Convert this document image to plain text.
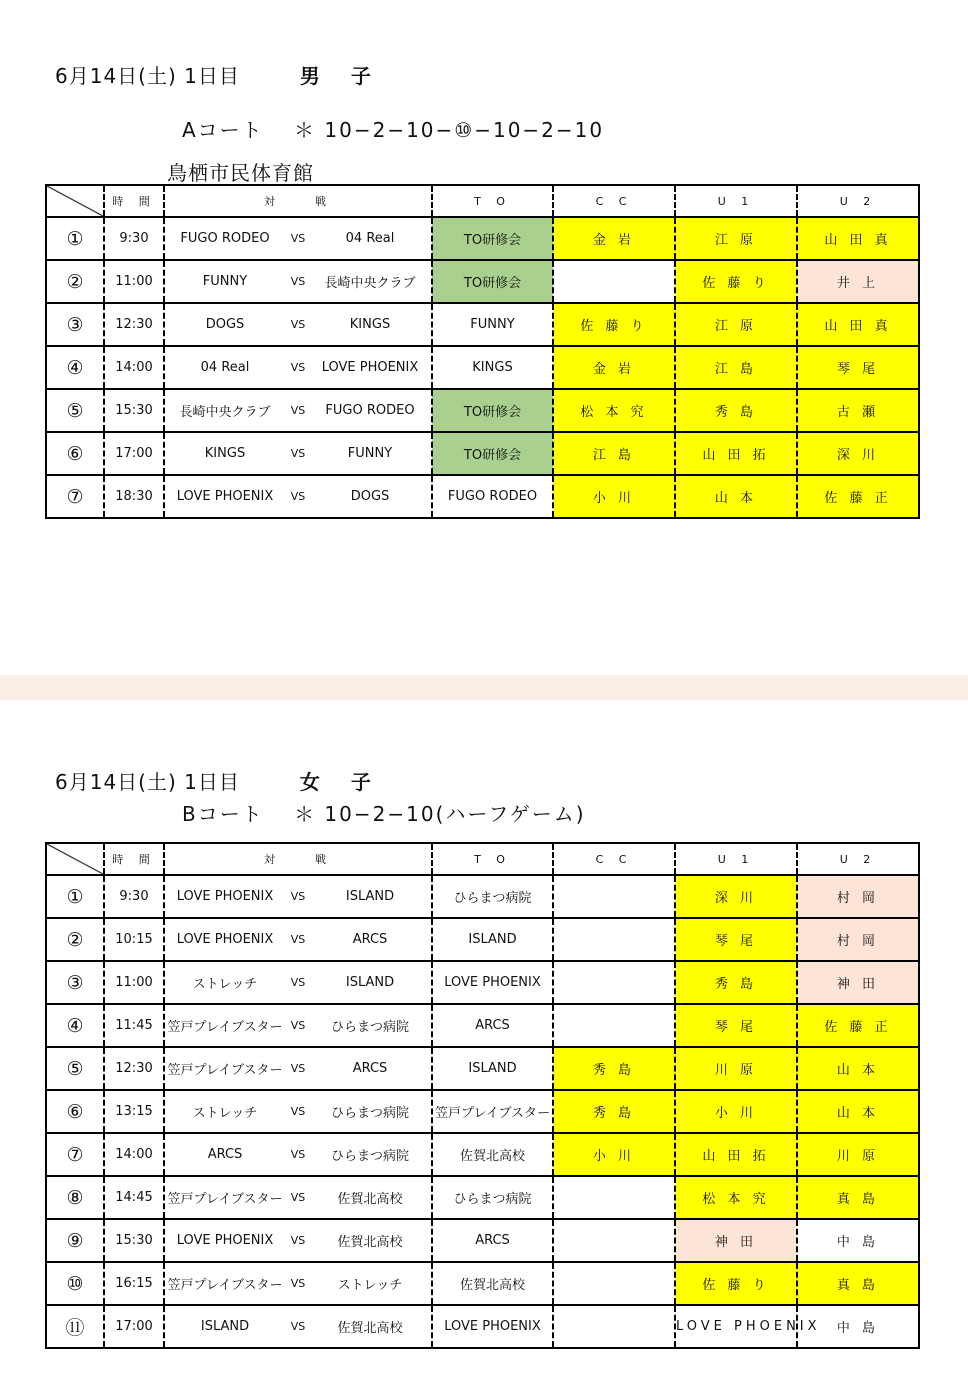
6月14日(土) 1日目	男 子
Aコート　 ＊ 10−2−10−⑩−10−2−10
鳥栖市民体育館
	時 間	対　　戦	T O	C C	U 1	U 2
①	9:30	FUGO RODEO VS 04 Real	TO研修会	金 岩	江 原	山 田 真
②	11:00	FUNNY VS 長崎中央クラブ	TO研修会		佐 藤 り	井 上
③	12:30	DOGS VS KINGS	FUNNY	佐 藤 り	江 原	山 田 真
④	14:00	04 Real VS LOVE PHOENIX	KINGS	金 岩	江 島	琴 尾
⑤	15:30	長崎中央クラブ VS FUGO RODEO	TO研修会	松 本 究	秀 島	古 瀬
⑥	17:00	KINGS VS FUNNY	TO研修会	江 島	山 田 拓	深 川
⑦	18:30	LOVE PHOENIX VS DOGS	FUGO RODEO	小 川	山 本	佐 藤 正
6月14日(土) 1日目	女 子
Bコート　 ＊ 10−2−10(ハーフゲーム)
	時 間	対　　戦	T O	C C	U 1	U 2
①	9:30	LOVE PHOENIX VS ISLAND	ひらまつ病院		深 川	村 岡
②	10:15	LOVE PHOENIX VS ARCS	ISLAND		琴 尾	村 岡
③	11:00	ストレッチ VS ISLAND	LOVE PHOENIX		秀 島	神 田
④	11:45	笠戸プレイブスター VS ひらまつ病院	ARCS		琴 尾	佐 藤 正
⑤	12:30	笠戸プレイブスター VS ARCS	ISLAND	秀 島	川 原	山 本
⑥	13:15	ストレッチ VS ひらまつ病院	笠戸プレイブスター	秀 島	小 川	山 本
⑦	14:00	ARCS VS ひらまつ病院	佐賀北高校	小 川	山 田 拓	川 原
⑧	14:45	笠戸プレイブスター VS 佐賀北高校	ひらまつ病院		松 本 究	真 島
⑨	15:30	LOVE PHOENIX VS 佐賀北高校	ARCS		神 田	中 島
⑩	16:15	笠戸プレイブスター VS ストレッチ	佐賀北高校		佐 藤 り	真 島
⑪	17:00	ISLAND VS 佐賀北高校	LOVE PHOENIX		LOVE PHOENIX	中 島
